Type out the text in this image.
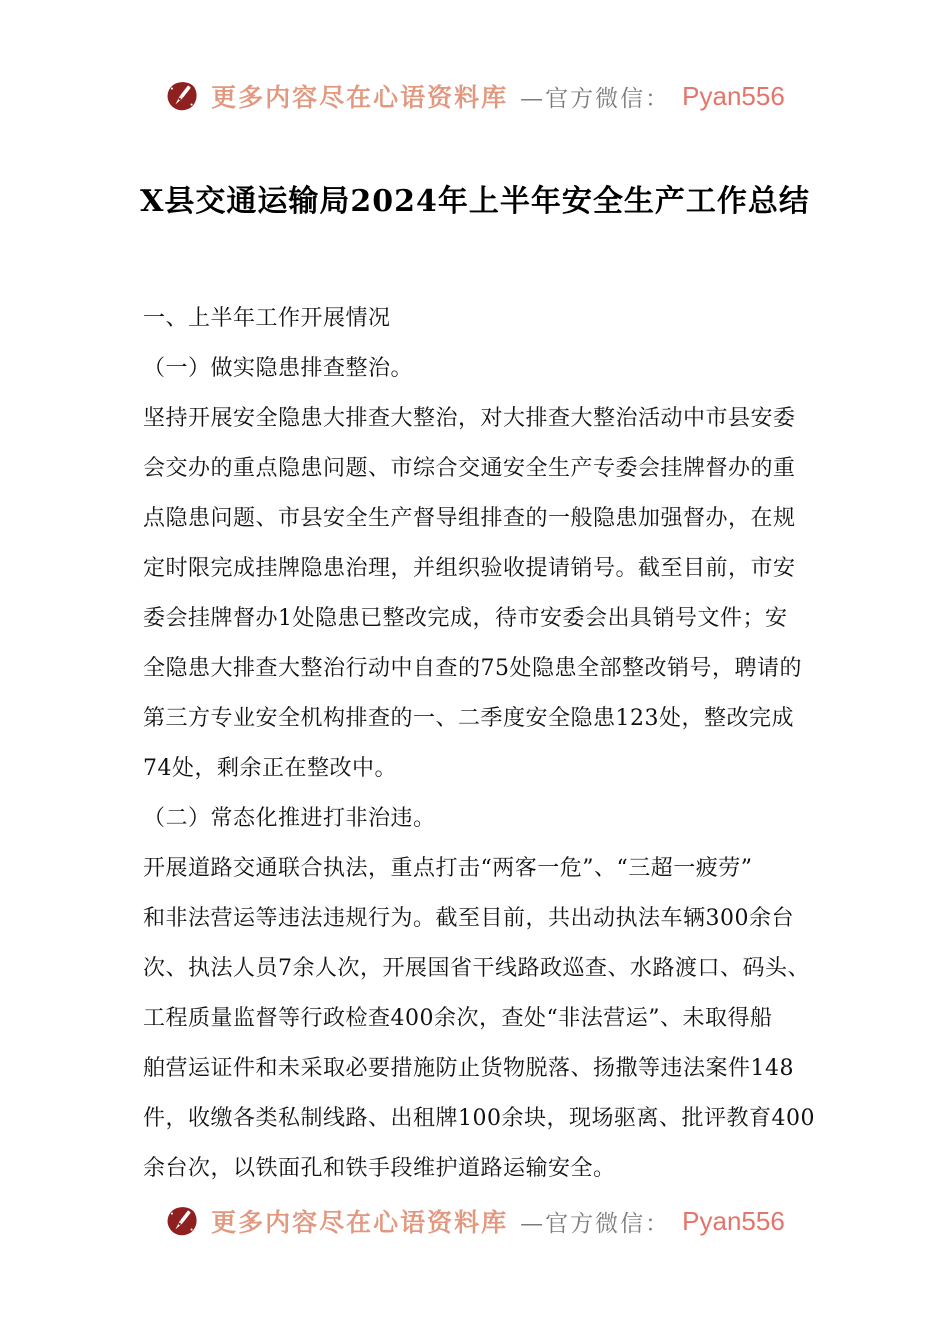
更多内容尽在心语资料库 —官方微信： Pyan556
X县交通运输局2024年上半年安全生产工作总结
一、上半年工作开展情况
（一）做实隐患排查整治。
坚持开展安全隐患大排查大整治，对大排查大整治活动中市县安委
会交办的重点隐患问题、市综合交通安全生产专委会挂牌督办的重
点隐患问题、市县安全生产督导组排查的一般隐患加强督办，在规
定时限完成挂牌隐患治理，并组织验收提请销号。截至目前，市安
委会挂牌督办1处隐患已整改完成，待市安委会出具销号文件；安
全隐患大排查大整治行动中自查的75处隐患全部整改销号，聘请的
第三方专业安全机构排查的一、二季度安全隐患123处，整改完成
74处，剩余正在整改中。
（二）常态化推进打非治违。
开展道路交通联合执法，重点打击“两客一危”、“三超一疲劳”
和非法营运等违法违规行为。截至目前，共出动执法车辆300余台
次、执法人员7余人次，开展国省干线路政巡查、水路渡口、码头、
工程质量监督等行政检查400余次，查处“非法营运”、未取得船
舶营运证件和未采取必要措施防止货物脱落、扬撒等违法案件148
件，收缴各类私制线路、出租牌100余块，现场驱离、批评教育400
余台次，以铁面孔和铁手段维护道路运输安全。
更多内容尽在心语资料库 —官方微信： Pyan556
